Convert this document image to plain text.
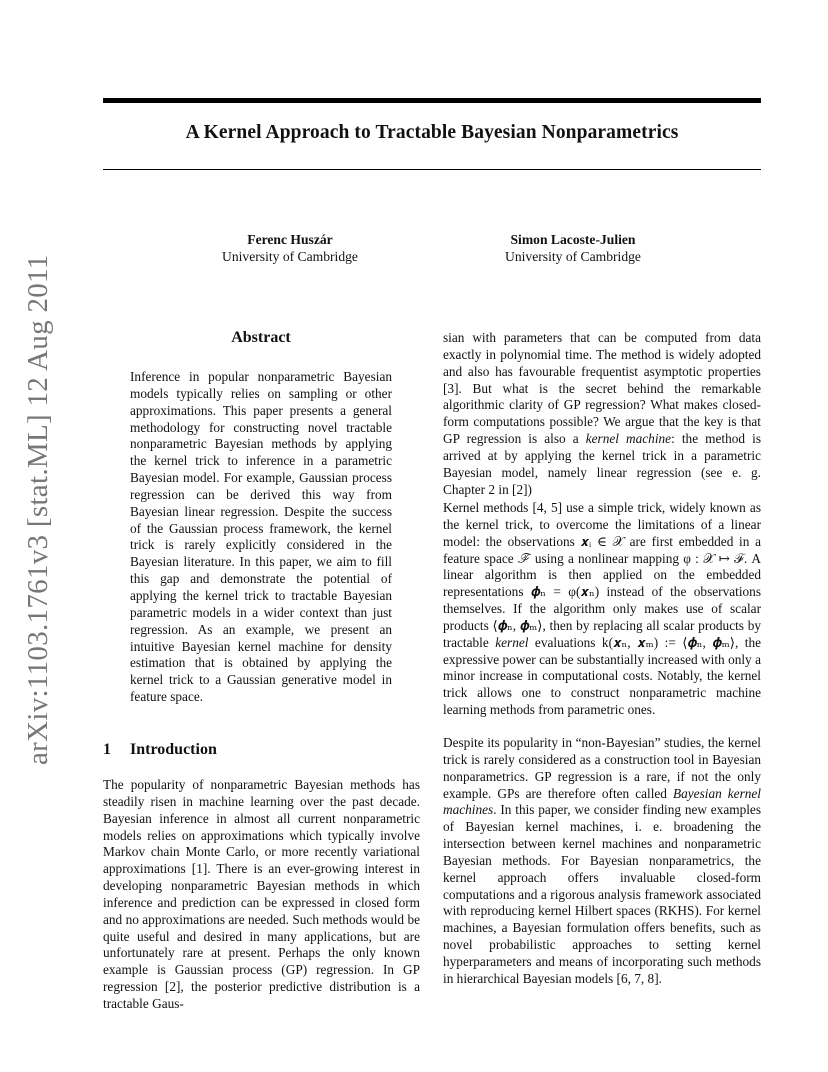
A Kernel Approach to Tractable Bayesian Nonparametrics
Ferenc Huszár
University of Cambridge
Simon Lacoste-Julien
University of Cambridge
arXiv:1103.1761v3 [stat.ML] 12 Aug 2011	Abstract
Inference in popular nonparametric Bayesian models typically relies on sampling or other approximations. This paper presents a general methodology for constructing novel tractable nonparametric Bayesian methods by applying the kernel trick to inference in a parametric Bayesian model. For example, Gaussian process regression can be derived this way from Bayesian linear regression. Despite the success of the Gaussian process framework, the kernel trick is rarely explicitly considered in the Bayesian literature. In this paper, we aim to fill this gap and demonstrate the potential of applying the kernel trick to tractable Bayesian parametric models in a wider context than just regression. As an example, we present an intuitive Bayesian kernel machine for density estimation that is obtained by applying the kernel trick to a Gaussian generative model in feature space.
1 Introduction
The popularity of nonparametric Bayesian methods has steadily risen in machine learning over the past decade. Bayesian inference in almost all current nonparametric models relies on approximations which typically involve Markov chain Monte Carlo, or more recently variational approximations [1]. There is an ever-growing interest in developing nonparametric Bayesian methods in which inference and prediction can be expressed in closed form and no approximations are needed. Such methods would be quite useful and desired in many applications, but are unfortunately rare at present. Perhaps the only known example is Gaussian process (GP) regression. In GP regression [2], the posterior predictive distribution is a tractable Gaus-
sian with parameters that can be computed from data exactly in polynomial time. The method is widely adopted and also has favourable frequentist asymptotic properties [3]. But what is the secret behind the remarkable algorithmic clarity of GP regression? What makes closed-form computations possible? We argue that the key is that GP regression is also a kernel machine: the method is arrived at by applying the kernel trick in a parametric Bayesian model, namely linear regression (see e. g. Chapter 2 in [2])
Kernel methods [4, 5] use a simple trick, widely known as the kernel trick, to overcome the limitations of a linear model: the observations 𝒙ᵢ ∈ 𝒳 are first embedded in a feature space ℱ using a nonlinear mapping φ : 𝒳 ↦ ℱ. A linear algorithm is then applied on the embedded representations 𝝓ₙ = φ(𝒙ₙ) instead of the observations themselves. If the algorithm only makes use of scalar products ⟨𝝓ₙ, 𝝓ₘ⟩, then by replacing all scalar products by tractable kernel evaluations k(𝒙ₙ, 𝒙ₘ) := ⟨𝝓ₙ, 𝝓ₘ⟩, the expressive power can be substantially increased with only a minor increase in computational costs. Notably, the kernel trick allows one to construct nonparametric machine learning methods from parametric ones.
Despite its popularity in “non-Bayesian” studies, the kernel trick is rarely considered as a construction tool in Bayesian nonparametrics. GP regression is a rare, if not the only example. GPs are therefore often called Bayesian kernel machines. In this paper, we consider finding new examples of Bayesian kernel machines, i. e. broadening the intersection between kernel machines and nonparametric Bayesian methods. For Bayesian nonparametrics, the kernel approach offers invaluable closed-form computations and a rigorous analysis framework associated with reproducing kernel Hilbert spaces (RKHS). For kernel machines, a Bayesian formulation offers benefits, such as novel probabilistic approaches to setting kernel hyperparameters and means of incorporating such methods in hierarchical Bayesian models [6, 7, 8].
